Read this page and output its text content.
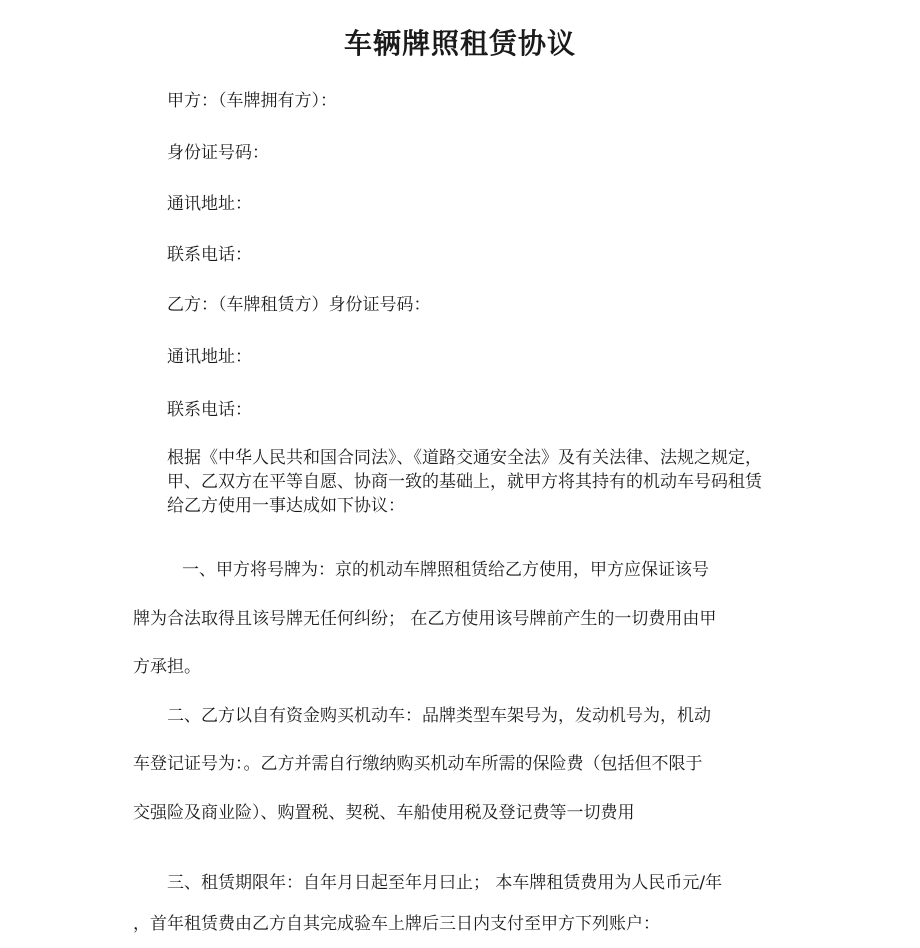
车辆牌照租赁协议
甲方：（车牌拥有方）：
身份证号码：
通讯地址：
联系电话：
乙方：（车牌租赁方）身份证号码：
通讯地址：
联系电话：
根据《中华人民共和国合同法》、《道路交通安全法》及有关法律、法规之规定，甲、乙双方在平等自愿、协商一致的基础上，就甲方将其持有的机动车号码租赁给乙方使用一事达成如下协议：
一、甲方将号牌为：京的机动车牌照租赁给乙方使用，甲方应保证该号
牌为合法取得且该号牌无任何纠纷； 在乙方使用该号牌前产生的一切费用由甲
方承担。
二、乙方以自有资金购买机动车：品牌类型车架号为，发动机号为，机动
车登记证号为：。乙方并需自行缴纳购买机动车所需的保险费（包括但不限于
交强险及商业险）、购置税、契税、车船使用税及登记费等一切费用
三、租赁期限年：自年月日起至年月曰止； 本车牌租赁费用为人民币元/年
，首年租赁费由乙方自其完成验车上牌后三日内支付至甲方下列账户：
